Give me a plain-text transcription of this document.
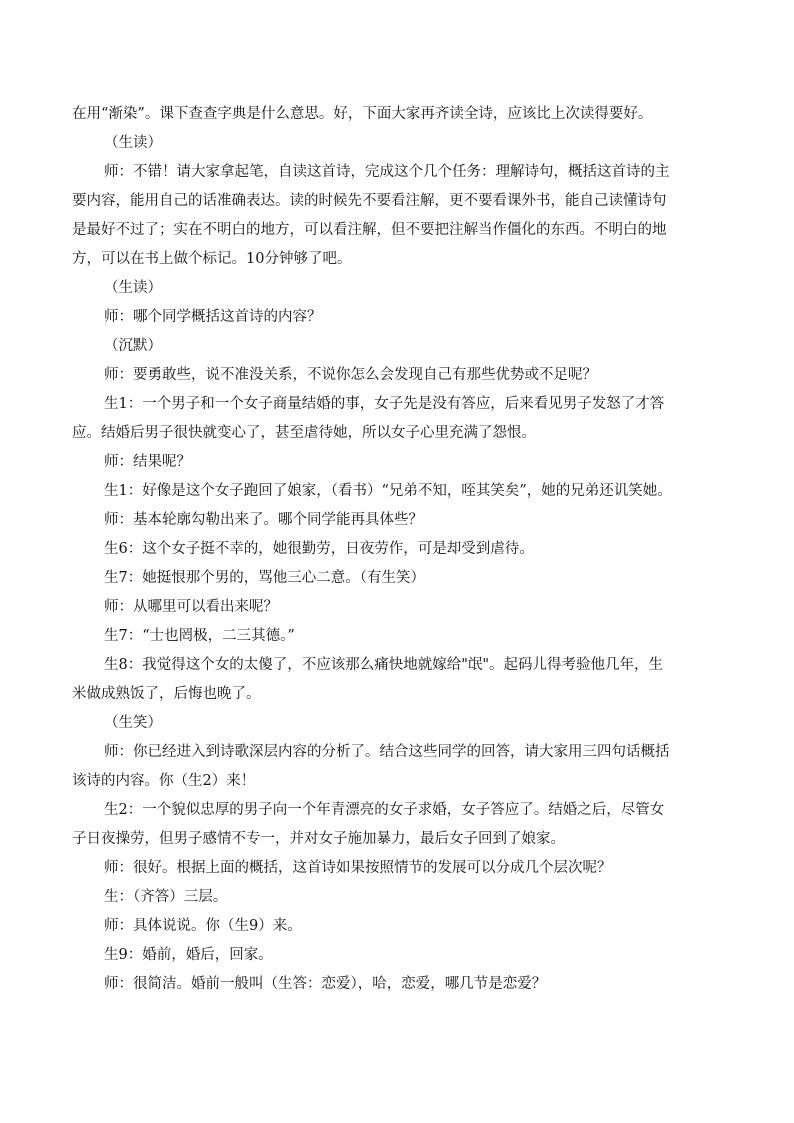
在用“渐染”。课下查查字典是什么意思。好，下面大家再齐读全诗，应该比上次读得要好。
（生读）
师：不错！请大家拿起笔，自读这首诗，完成这个几个任务：理解诗句，概括这首诗的主
要内容，能用自己的话准确表达。读的时候先不要看注解，更不要看课外书，能自己读懂诗句
是最好不过了；实在不明白的地方，可以看注解，但不要把注解当作僵化的东西。不明白的地
方，可以在书上做个标记。10分钟够了吧。
（生读）
师：哪个同学概括这首诗的内容？
（沉默）
师：要勇敢些，说不准没关系，不说你怎么会发现自己有那些优势或不足呢？
生1：一个男子和一个女子商量结婚的事，女子先是没有答应，后来看见男子发怒了才答
应。结婚后男子很快就变心了，甚至虐待她，所以女子心里充满了怨恨。
师：结果呢？
生1：好像是这个女子跑回了娘家，（看书）“兄弟不知，咥其笑矣”，她的兄弟还讥笑她。
师：基本轮廓勾勒出来了。哪个同学能再具体些？
生6：这个女子挺不幸的，她很勤劳，日夜劳作，可是却受到虐待。
生7：她挺恨那个男的，骂他三心二意。（有生笑）
师：从哪里可以看出来呢？
生7：“士也罔极，二三其德。”
生8：我觉得这个女的太傻了，不应该那么痛快地就嫁给"氓"。起码儿得考验他几年，生
米做成熟饭了，后悔也晚了。
（生笑）
师：你已经进入到诗歌深层内容的分析了。结合这些同学的回答，请大家用三四句话概括
该诗的内容。你（生2）来！
生2：一个貌似忠厚的男子向一个年青漂亮的女子求婚，女子答应了。结婚之后，尽管女
子日夜操劳，但男子感情不专一，并对女子施加暴力，最后女子回到了娘家。
师：很好。根据上面的概括，这首诗如果按照情节的发展可以分成几个层次呢？
生：（齐答）三层。
师：具体说说。你（生9）来。
生9：婚前，婚后，回家。
师：很简洁。婚前一般叫（生答：恋爱），哈，恋爱，哪几节是恋爱？
